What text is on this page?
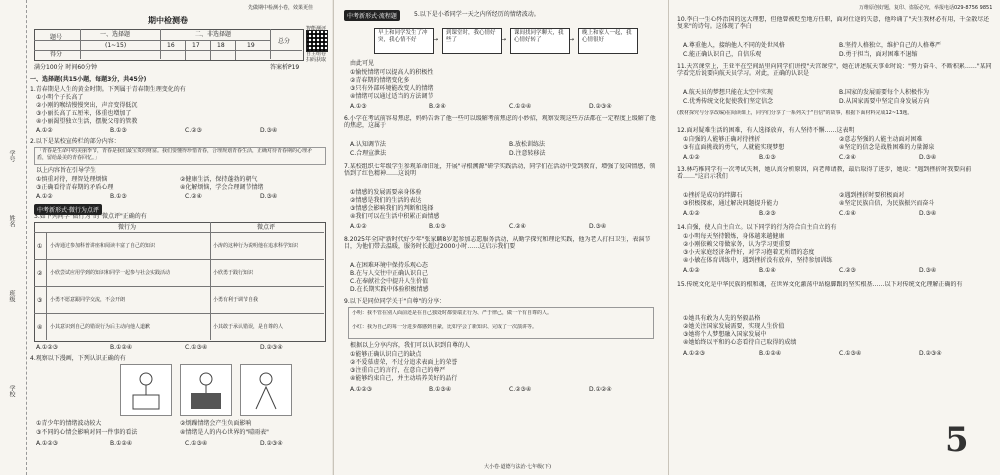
学号
姓名
班级
学校
先做期中检测小卷，效果更佳
期中检测卷
题号	一、选择题	二、非选择题
总分
(1~15)	16	17	18	19
得分
智能测评
自主组卷
扫码获取
满分100分 时间60分钟	答案析P19
一、选择题(共15小题，每题3分，共45分)
1.青春期是人生的黄金时期。下列属于青春期生理变化的有
①小明个子长高了
②小刚的喉结慢慢突出，声音变得低沉
③小丽长高了五厘米，体重也增加了
④小丽渴望独立生活，摆脱父母的管教
A.①②	B.①③	C.②③	D.③④
2.以下是某校宣传栏的部分内容：
「青春是生命中的美丽季节，青春是我们最宝贵的财富。我们要懂得珍惜青春，合理规划青春生活，正确对待青春期的心理矛盾，留给最美的青春回忆。」
以上内容旨在引导学生
①慎重对待，理智处理烦恼	②健康生活，保持蓬勃的朝气
③正确看待青春期的矛盾心理	④化解烦恼，学会合理调节情绪
A.①②	B.①③	C.②④	D.③④
中考新形式·微行为点评
3.如下列同学"微行为"的"微点评"正确的有
微行为	微点评
① 小涛通过参加科普讲座和阅读丰富了自己的知识	小涛的这种行为说明他在追求科学知识
② 小欣尝试应用学到的知识和同学一起参与社会实践活动	小欣勇于践行知识
③ 小勇不愿意跟同学交流，不会开朗	小勇有利于调节自我
④ 小其意识到自己的错误行为后主动向他人道歉	小其敢于承认错误，是自尊的人
A.①②③	B.①②④	C.①③④	D.②③④
4.观察以下漫画，下列认识正确的有
①青少年的情绪波动较大	②烦躁情绪会产生负面影响
③不同的心情会影响对同一件事的看法	④情绪是人的内心世界的"晴雨表"
A.①②③	B.①②④	C.①③④	D.②③④
中考新形式·流程题	5.以下是小希同学一天之内所经历的情绪波动。
早上和同学发生了冲突，我心情不好	→
到课堂时，我心情好些了	→
课间找同学聊天，我心情好转了	→
晚上和家人一起，我心情很好
由此可见
①愉悦情绪可以提高人的积极性
②青春期的情绪变化多
③只有外部环境能改变人的情绪
④情绪可以通过适当的方法调节
A.①③	B.②④	C.①②④	D.②③④
6.小学在考试前容易焦虑，妈妈告诉了他一些可以缓解考前焦虑的小妙招，观察发现这些方法都在一定程度上缓解了他的焦虑，这属于
A.认知调节法	B.放松训练法
C.合理宣泄法	D.注意转移法
7.某校组织七年级学生参观革命旧址，开展"寻根溯源"研学实践活动，同学们在活动中受到教育，增强了爱国情感，领悟到了红色精神……这说明
①情感的发展需要亲身体验
②情感是我们的生活的表达
③情感会影响我们的判断和选择
④我们可以在生活中积累正面情感
A.①②	B.①③	C.②④	D.③④
8.2025年全国"新时代好少年"张家麟8岁起参加志愿服务活动，从勤学探究和理论实践，他为老人打扫卫生，表演节目，为他们带去温暖，服务时长超过2000小时……这启示我们要
A.在困难环境中保持乐观心态
B.在与人交往中正确认识自己
C.在奉献社会中提升人生价值
D.在长期实践中体验积极情感
9.以下是同位同学关于"自尊"的分享：
小明：我不管在别人面前还是在自己独处时都要端正行为、严于律己，做一个有自尊的人。
小红：我为自己的每一分进步都感到自豪，比如学会了新知识、完成了一次演讲等。
根据以上分享内容，我们可以认识到自尊的人
①能够正确认识自己的缺点
②不爱慕虚荣，不过分追求表面上的荣誉
③注重自己的言行，在意自己的尊严
④能够约束自己，并主动培养美好的品行
A.①②③	B.①③④	C.②③④	D.①②④
大小卷·道德与法治·七年级(下)
万维原创好题，复印、盗版必究，举报电话029-8756 9851
10.李白一生心怀治国的远大理想，但他曾被贬至地方任职，面对仕途的失意，他吟诵了"天生我材必有用，千金散尽还复来"的诗句。这体现了李白
A.尊重他人，接纳他人不同的处世风格	B.坚持人格独立，维护自己的人格尊严
C.能正确认识自己，自信乐观	D.勇于担当，面对困难不退缩
11.天宫课堂上，王亚平在空间站里向同学们讲授"天宫课堂"，她在讲述航天事业时说："努力奋斗、不断积累……"某同学看完后说要向航天员学习。对此，正确的认识是
A.航天员的梦想只能在太空中实现	B.国家的发展需要每个人积极作为
C.优秀传统文化促使我们坚定信念	D.从国家需要中坚定自身发展方向
(教材探究与分享改编)在阅读课上，同学们分享了一系列关于"自信"的故事，根据下面材料完成12~13题。
12.面对疑难生活的困难，有人选择放弃，有人坚持不懈……这表明
①自强的人能够正确对待挫折	②意志坚强的人能主动面对困难
③有直面挑战的勇气，人就能实现梦想	④坚定的信念是战胜困难的力量源泉
A.①②	B.①③	C.②④	D.③④
13.林巧稚同学有一次考试失利，她认真分析原因，向老师请教，最后取得了进步，她说："遇到挫折时我要向前看……"这启示我们
①挫折是成功的绊脚石	②遇到挫折时要积极面对
③积极探索，通过解决问题提升能力	④坚定民族自信，为民族振兴而奋斗
A.①②	B.②③	C.①④	D.③④
14.自强，使人自主自立。以下同学的行为符合自主自立的有
①小明每天坚持锻炼，身体越来越健康
②小刚依赖父母做家务，认为学习更重要
③小天家庭经济条件好，对学习抱着无所谓的态度
④小敏在体育训练中，遇到挫折没有放弃，坚持参加训练
A.①②	B.①④	C.②③	D.③④
15.传统文化是中华民族的根和魂，在世界文化激荡中站稳脚跟的坚实根基……以下对传统文化理解正确的有
①她具有敢为人先的坚毅品格
②她关注国家发展需要，实现人生价值
③她将个人梦想融入国家发展中
④她始终以平和的心态看待自己取得的成绩
A.①②③	B.①②④	C.①③④	D.②③④
5
